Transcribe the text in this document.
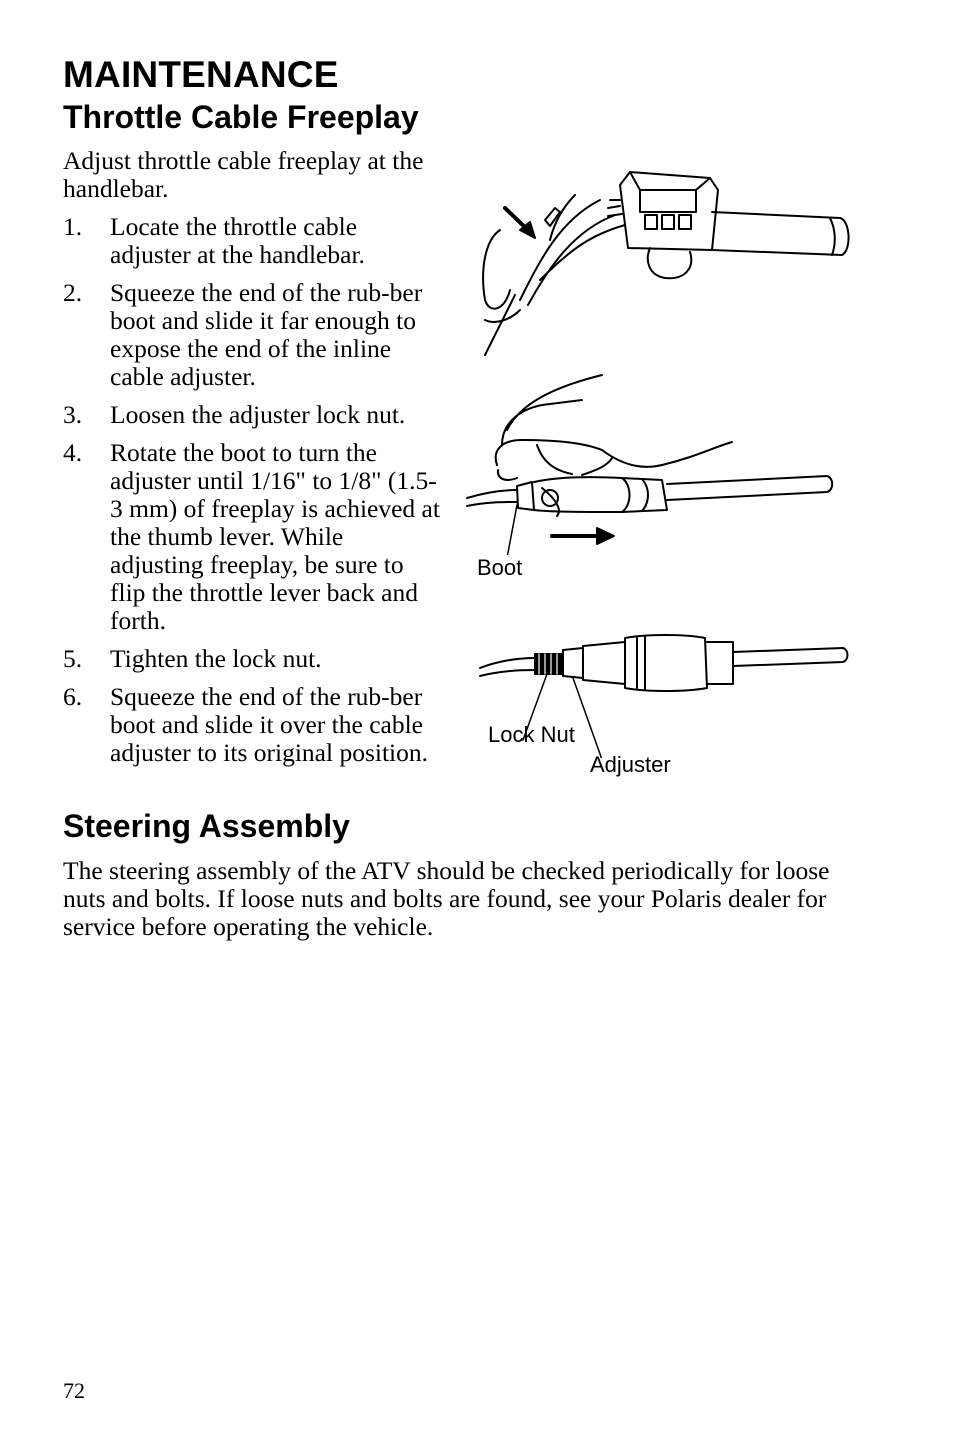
MAINTENANCE
Throttle Cable Freeplay

Adjust throttle cable freeplay at the handlebar.

1. Locate the throttle cable adjuster at the handlebar.
2. Squeeze the end of the rub-ber boot and slide it far enough to expose the end of the inline cable adjuster.
3. Loosen the adjuster lock nut.
4. Rotate the boot to turn the adjuster until 1/16" to 1/8" (1.5-3 mm) of freeplay is achieved at the thumb lever. While adjusting freeplay, be sure to flip the throttle lever back and forth.
5. Tighten the lock nut.
6. Squeeze the end of the rub-ber boot and slide it over the cable adjuster to its original position.

Boot

Lock Nut

Adjuster

Steering Assembly

The steering assembly of the ATV should be checked periodically for loose nuts and bolts. If loose nuts and bolts are found, see your Polaris dealer for service before operating the vehicle.

72
